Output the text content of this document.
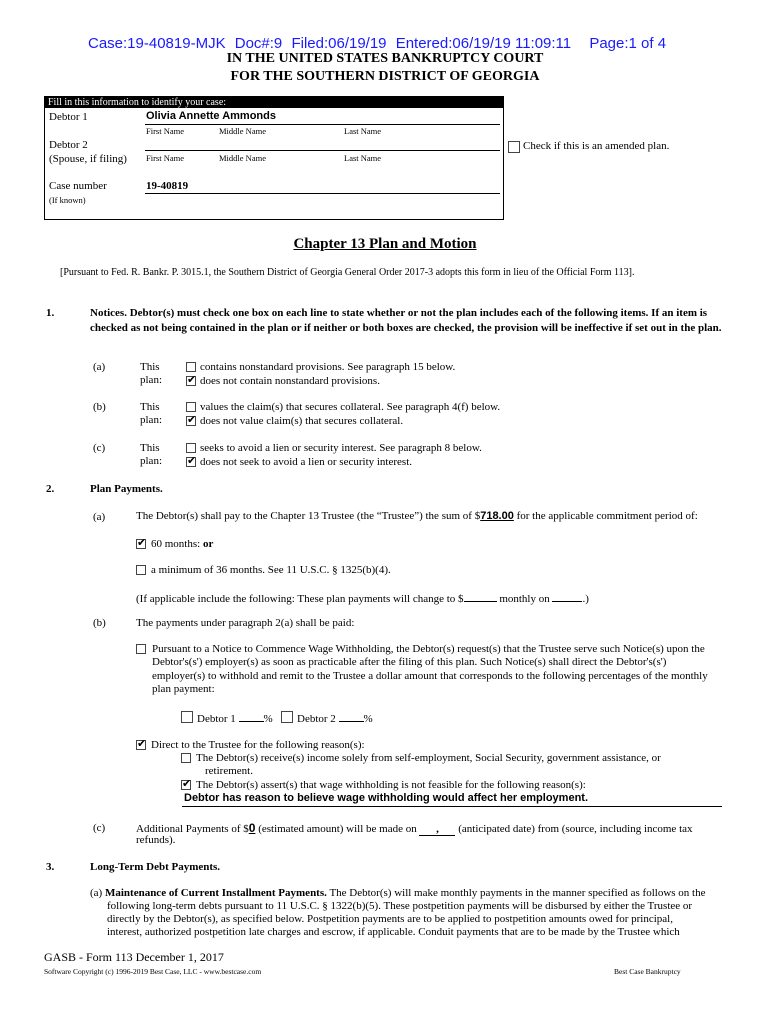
Case:19-40819-MJK Doc#:9 Filed:06/19/19 Entered:06/19/19 11:09:11 Page:1 of 4
IN THE UNITED STATES BANKRUPTCY COURT
FOR THE SOUTHERN DISTRICT OF GEORGIA
Fill in this information to identify your case:
Debtor 1	Olivia Annette Ammonds
First Name	Middle Name	Last Name
Debtor 2
(Spouse, if filing) First Name	Middle Name	Last Name
Case number	19-40819
(If known)
Check if this is an amended plan.
Chapter 13 Plan and Motion
[Pursuant to Fed. R. Bankr. P. 3015.1, the Southern District of Georgia General Order 2017-3 adopts this form in lieu of the Official Form 113].
1.	Notices. Debtor(s) must check one box on each line to state whether or not the plan includes each of the following items. If an item is checked as not being contained in the plan or if neither or both boxes are checked, the provision will be ineffective if set out in the plan.
(a)	This
plan:
contains nonstandard provisions. See paragraph 15 below.
✔ does not contain nonstandard provisions.
(b)	This
plan:
values the claim(s) that secures collateral. See paragraph 4(f) below.
✔ does not value claim(s) that secures collateral.
(c)	This
plan:
seeks to avoid a lien or security interest. See paragraph 8 below.
✔ does not seek to avoid a lien or security interest.
2.	Plan Payments.
(a)	The Debtor(s) shall pay to the Chapter 13 Trustee (the “Trustee”) the sum of $718.00 for the applicable commitment period of:
✔ 60 months: or
a minimum of 36 months. See 11 U.S.C. § 1325(b)(4).
(If applicable include the following: These plan payments will change to $	monthly on	.)
(b)	The payments under paragraph 2(a) shall be paid:
Pursuant to a Notice to Commence Wage Withholding, the Debtor(s) request(s) that the Trustee serve such Notice(s) upon the Debtor's(s') employer(s) as soon as practicable after the filing of this plan. Such Notice(s) shall direct the Debtor's(s') employer(s) to withhold and remit to the Trustee a dollar amount that corresponds to the following percentages of the monthly plan payment:
Debtor 1	% Debtor 2	%
✔ Direct to the Trustee for the following reason(s):
The Debtor(s) receive(s) income solely from self-employment, Social Security, government assistance, or
retirement.
✔ The Debtor(s) assert(s) that wage withholding is not feasible for the following reason(s):
Debtor has reason to believe wage withholding would affect her employment.
(c)	Additional Payments of $0 (estimated amount) will be made on , (anticipated date) from (source, including income tax
refunds).
3.	Long-Term Debt Payments.
(a) Maintenance of Current Installment Payments. The Debtor(s) will make monthly payments in the manner specified as follows on the
following long-term debts pursuant to 11 U.S.C. § 1322(b)(5). These postpetition payments will be disbursed by either the Trustee or
directly by the Debtor(s), as specified below. Postpetition payments are to be applied to postpetition amounts owed for principal,
interest, authorized postpetition late charges and escrow, if applicable. Conduit payments that are to be made by the Trustee which
GASB - Form 113 December 1, 2017
Software Copyright (c) 1996-2019 Best Case, LLC - www.bestcase.com	Best Case Bankruptcy
